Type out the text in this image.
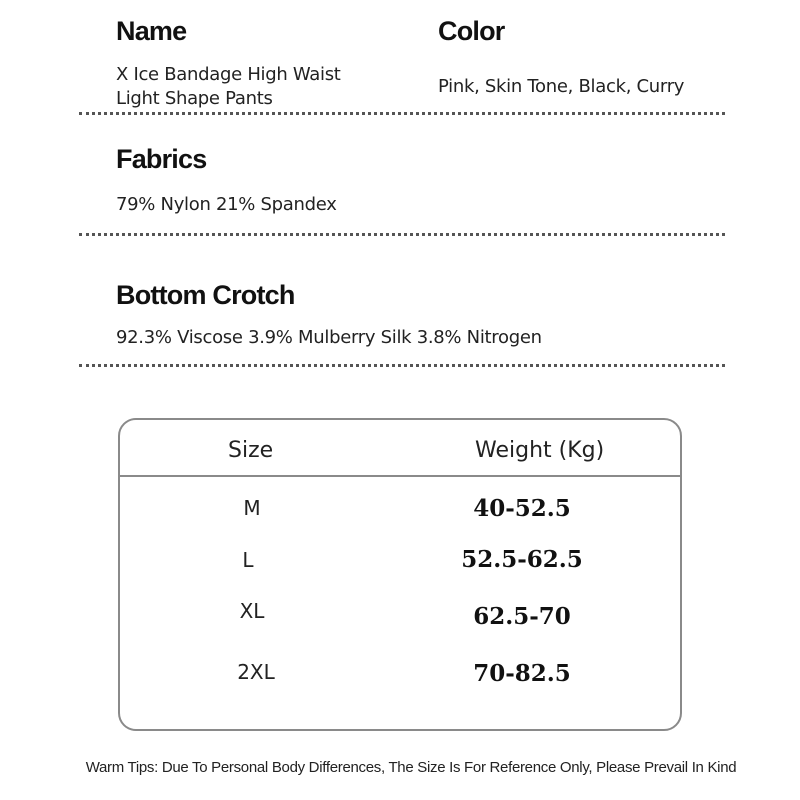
Name
X Ice Bandage High Waist
Light Shape Pants
Color
Pink, Skin Tone, Black, Curry
Fabrics
79% Nylon 21% Spandex
Bottom Crotch
92.3% Viscose 3.9% Mulberry Silk 3.8% Nitrogen
Size	Weight (Kg)
M	40-52.5
L	52.5-62.5
XL	62.5-70
2XL	70-82.5
Warm Tips: Due To Personal Body Differences, The Size Is For Reference Only, Please Prevail In Kind
